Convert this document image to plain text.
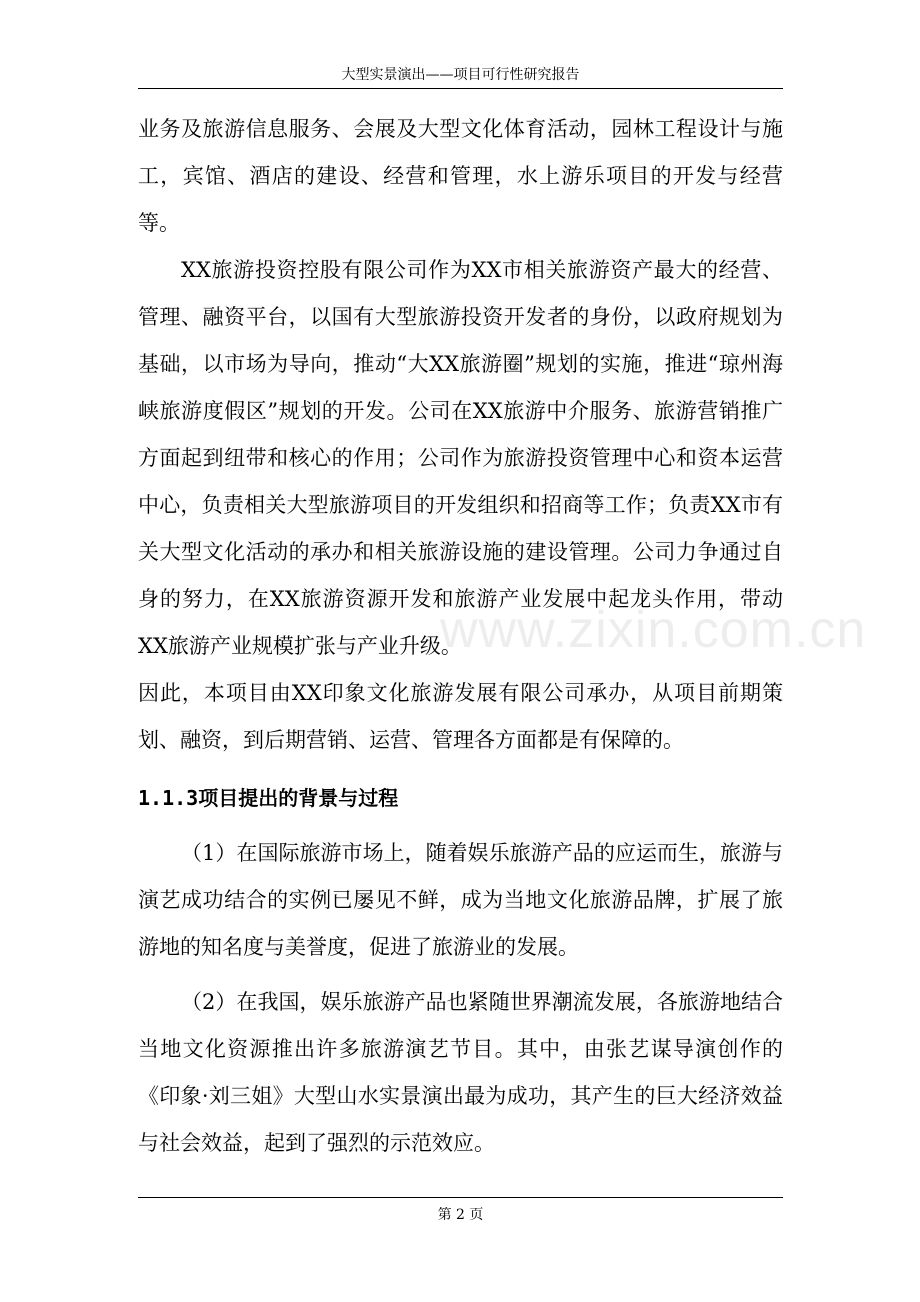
大型实景演出——项目可行性研究报告
www.zixin.com.cn

业务及旅游信息服务、会展及大型文化体育活动，园林工程设计与施工，宾馆、酒店的建设、经营和管理，水上游乐项目的开发与经营等。

XX旅游投资控股有限公司作为XX市相关旅游资产最大的经营、管理、融资平台，以国有大型旅游投资开发者的身份，以政府规划为基础，以市场为导向，推动“大XX旅游圈”规划的实施，推进“琼州海峡旅游度假区”规划的开发。公司在XX旅游中介服务、旅游营销推广方面起到纽带和核心的作用；公司作为旅游投资管理中心和资本运营中心，负责相关大型旅游项目的开发组织和招商等工作；负责XX市有关大型文化活动的承办和相关旅游设施的建设管理。公司力争通过自身的努力，在XX旅游资源开发和旅游产业发展中起龙头作用，带动XX旅游产业规模扩张与产业升级。

因此，本项目由XX印象文化旅游发展有限公司承办，从项目前期策划、融资，到后期营销、运营、管理各方面都是有保障的。

1.1.3项目提出的背景与过程

（1）在国际旅游市场上，随着娱乐旅游产品的应运而生，旅游与演艺成功结合的实例已屡见不鲜，成为当地文化旅游品牌，扩展了旅游地的知名度与美誉度，促进了旅游业的发展。

（2）在我国，娱乐旅游产品也紧随世界潮流发展，各旅游地结合当地文化资源推出许多旅游演艺节目。其中，由张艺谋导演创作的《印象·刘三姐》大型山水实景演出最为成功，其产生的巨大经济效益与社会效益，起到了强烈的示范效应。

第 2 页
